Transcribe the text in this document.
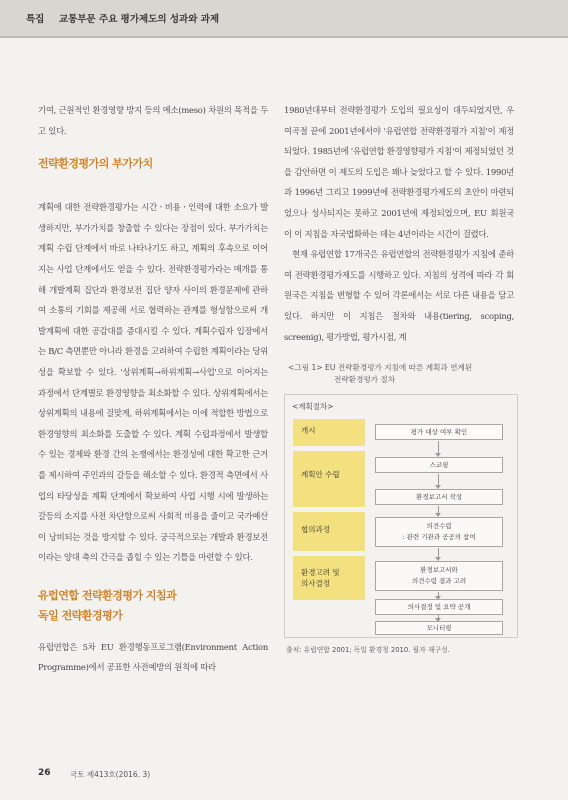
특집 교통부문 주요 평가제도의 성과와 과제

기여, 근원적인 환경영향 방지 등의 메소(meso) 차원의 목적을 두고 있다.

전략환경평가의 부가가치

계획에 대한 전략환경평가는 시간ㆍ비용ㆍ인력에 대한 소요가 발생하지만, 부가가치를 창출할 수 있다는 장점이 있다. 부가가치는 계획 수립 단계에서 바로 나타나기도 하고, 계획의 후속으로 이어지는 사업 단계에서도 얻을 수 있다. 전략환경평가라는 매개를 통해 개발계획 집단과 환경보전 집단 양자 사이의 환경문제에 관하여 소통의 기회를 제공해 서로 협력하는 관계를 형성함으로써 개발계획에 대한 공감대를 증대시킬 수 있다. 계획수립자 입장에서는 B/C 측면뿐만 아니라 환경을 고려하여 수립한 계획이라는 당위성을 확보할 수 있다. '상위계획→하위계획→사업'으로 이어지는 과정에서 단계별로 환경영향을 최소화할 수 있다. 상위계획에서는 상위계획의 내용에 걸맞게, 하위계획에서는 이에 적합한 방법으로 환경영향의 최소화를 도출할 수 있다. 계획 수립과정에서 발생할 수 있는 경제와 환경 간의 논쟁에서는 환경성에 대한 확고한 근거를 제시하여 주민과의 갈등을 해소할 수 있다. 환경적 측면에서 사업의 타당성을 계획 단계에서 확보하여 사업 시행 시에 발생하는 갈등의 소지를 사전 차단함으로써 사회적 비용을 줄이고 국가예산이 낭비되는 것을 방지할 수 있다. 궁극적으로는 개발과 환경보전이라는 양대 축의 간극을 좁힐 수 있는 기틀을 마련할 수 있다.

유럽연합 전략환경평가 지침과
독일 전략환경평가

유럽연합은 5차 EU 환경행동프로그램(Environment Action Programme)에서 공표한 사전예방의 원칙에 따라

1980년대부터 전략환경평가 도입의 필요성이 대두되었지만, 우여곡절 끝에 2001년에서야 '유럽연합 전략환경평가 지침'이 제정되었다. 1985년에 '유럽연합 환경영향평가 지침'이 제정되었던 것을 감안하면 이 제도의 도입은 꽤나 늦었다고 할 수 있다. 1990년과 1996년 그리고 1999년에 전략환경평가제도의 초안이 마련되었으나 성사되지는 못하고 2001년에 제정되었으며, EU 회원국이 이 지침을 자국법화하는 데는 4년이라는 시간이 걸렸다.

현재 유럽연합 17개국은 유럽연합의 전략환경평가 지침에 준하여 전략환경평가제도를 시행하고 있다. 지침의 성격에 따라 각 회원국은 지침을 변형할 수 있어 각론에서는 서로 다른 내용을 담고 있다. 하지만 이 지침은 절차와 내용(tiering, scoping, screenig), 평가방법, 평가시점, 계

<그림 1> EU 전략환경평가 지침에 따른 계획과 연계된
전략환경평가 절차
<계획절차>
개시
계획안 수립
협의과정
환경고려 및
의사결정
평가 대상 여부 확인
스코핑
환경보고서 작성
의견수렴
: 관련 기관과 공공의 참여
환경보고서와
의견수렴 결과 고려
의사결정 및 요약 공개
모니터링
출처: 유럽연합 2001; 독일 환경청 2010. 필자 재구성.
26	국토 제413호(2016. 3)
